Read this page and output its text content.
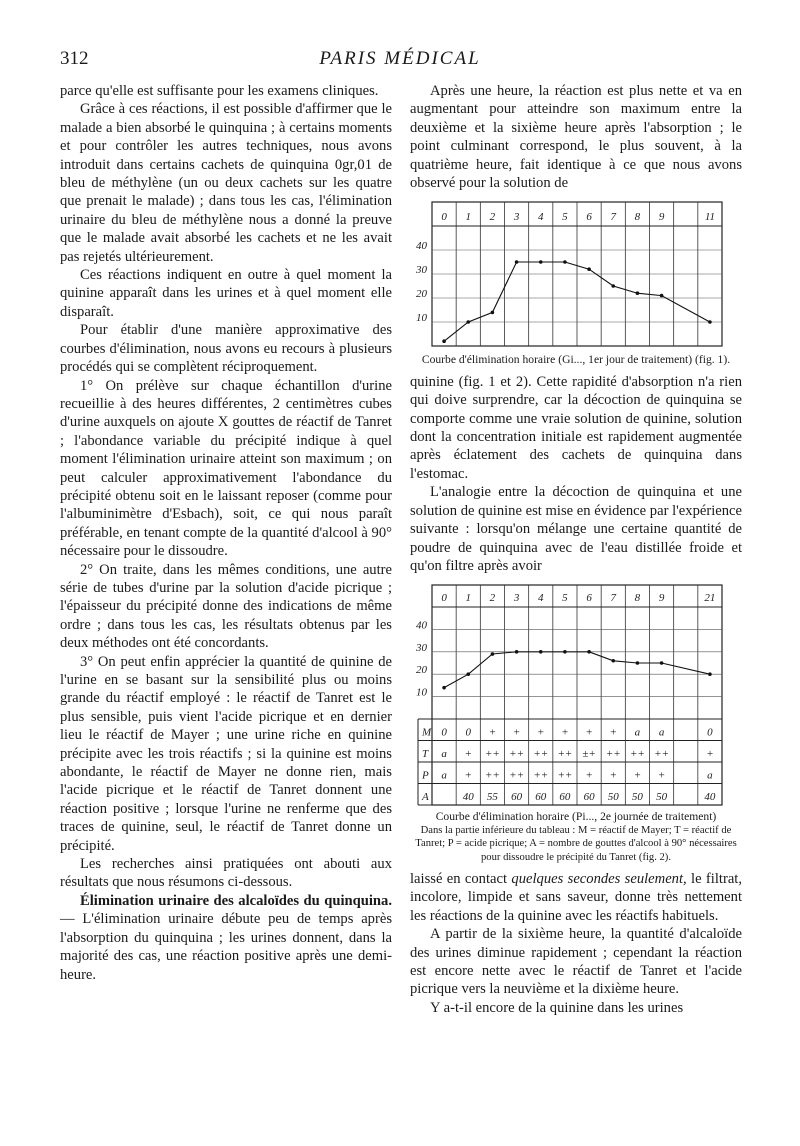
312	PARIS MÉDICAL

parce qu'elle est suffisante pour les examens cliniques.

Grâce à ces réactions, il est possible d'affirmer que le malade a bien absorbé le quinquina ; à certains moments et pour contrôler les autres techniques, nous avons introduit dans certains cachets de quinquina 0gr,01 de bleu de méthylène (un ou deux cachets sur les quatre que prenait le malade) ; dans tous les cas, l'élimination urinaire du bleu de méthylène nous a donné la preuve que le malade avait absorbé les cachets et ne les avait pas rejetés ultérieurement.

Ces réactions indiquent en outre à quel moment la quinine apparaît dans les urines et à quel moment elle disparaît.

Pour établir d'une manière approximative des courbes d'élimination, nous avons eu recours à plusieurs procédés qui se complètent réciproquement.

1° On prélève sur chaque échantillon d'urine recueillie à des heures différentes, 2 centimètres cubes d'urine auxquels on ajoute X gouttes de réactif de Tanret ; l'abondance variable du précipité indique à quel moment l'élimination urinaire atteint son maximum ; on peut calculer approximativement l'abondance du précipité obtenu soit en le laissant reposer (comme pour l'albuminimètre d'Esbach), soit, ce qui nous paraît préférable, en tenant compte de la quantité d'alcool à 90° nécessaire pour le dissoudre.

2° On traite, dans les mêmes conditions, une autre série de tubes d'urine par la solution d'acide picrique ; l'épaisseur du précipité donne des indications de même ordre ; dans tous les cas, les résultats obtenus par les deux méthodes ont été concordants.

3° On peut enfin apprécier la quantité de quinine de l'urine en se basant sur la sensibilité plus ou moins grande du réactif employé : le réactif de Tanret est le plus sensible, puis vient l'acide picrique et en dernier lieu le réactif de Mayer ; une urine riche en quinine précipite avec les trois réactifs ; si la quinine est moins abondante, le réactif de Mayer ne donne rien, mais l'acide picrique et le réactif de Tanret donnent une réaction positive ; lorsque l'urine ne renferme que des traces de quinine, seul, le réactif de Tanret donne un précipité.

Les recherches ainsi pratiquées ont abouti aux résultats que nous résumons ci-dessous.

Élimination urinaire des alcaloïdes du quinquina. — L'élimination urinaire débute peu de temps après l'absorption du quinquina ; les urines donnent, dans la majorité des cas, une réaction positive après une demi-heure.

Après une heure, la réaction est plus nette et va en augmentant pour atteindre son maximum entre la deuxième et la sixième heure après l'absorption ; le point culminant correspond, le plus souvent, à la quatrième heure, fait identique à ce que nous avons observé pour la solution de

40
30
20
10
0 1 2 3 4 5 6 7 8 9	11
Courbe d'élimination horaire (Gi..., 1er jour de traitement) (fig. 1).

quinine (fig. 1 et 2). Cette rapidité d'absorption n'a rien qui doive surprendre, car la décoction de quinquina se comporte comme une vraie solution de quinine, solution dont la concentration initiale est rapidement augmentée après éclatement des cachets de quinquina dans l'estomac.

L'analogie entre la décoction de quinquina et une solution de quinine est mise en évidence par l'expérience suivante : lorsqu'on mélange une certaine quantité de poudre de quinquina avec de l'eau distillée froide et qu'on filtre après avoir

40
30
20
10
0 1 2 3 4 5 6 7 8 9	21
M 0 0 + + + + + + a a	0
T a + ++ ++ ++ ++ ±+ ++ ++ ++	+
P a + ++ ++ ++ ++ + + + +	a
A	40 55 60 60 60 60 50 50 50	40
Courbe d'élimination horaire (Pi..., 2e journée de traitement)
Dans la partie inférieure du tableau : M = réactif de Mayer; T = réactif de Tanret; P = acide picrique; A = nombre de gouttes d'alcool à 90° nécessaires pour dissoudre le précipité du Tanret (fig. 2).

laissé en contact quelques secondes seulement, le filtrat, incolore, limpide et sans saveur, donne très nettement les réactions de la quinine avec les réactifs habituels.

A partir de la sixième heure, la quantité d'alcaloïde des urines diminue rapidement ; cependant la réaction est encore nette avec le réactif de Tanret et l'acide picrique vers la neuvième et la dixième heure.

Y a-t-il encore de la quinine dans les urines
